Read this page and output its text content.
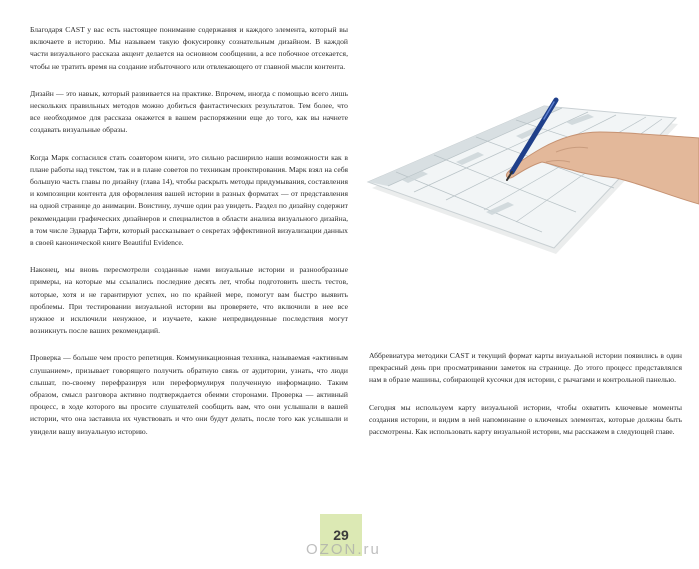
Благодаря CAST у вас есть настоящее понимание содержания и каждого элемента, который вы включаете в историю. Мы называем такую фокусировку сознательным дизайном. В каждой части визуального рассказа акцент делается на основном сообщении, а все побочное отсекается, чтобы не тратить время на создание избыточного или отвлекающего от главной мысли контента.

Дизайн — это навык, который развивается на практике. Впрочем, иногда с помощью всего лишь нескольких правильных методов можно добиться фантастических результатов. Тем более, что все необходимое для рассказа окажется в вашем распоряжении еще до того, как вы начнете создавать визуальные образы.

Когда Марк согласился стать соавтором книги, это сильно расширило наши возможности как в плане работы над текстом, так и в плане советов по техникам проектирования. Марк взял на себя большую часть главы по дизайну (глава 14), чтобы раскрыть методы придумывания, составления и композиции контента для оформления вашей истории в разных форматах — от представления на одной странице до анимации. Воистину, лучше один раз увидеть. Раздел по дизайну содержит рекомендации графических дизайнеров и специалистов в области анализа визуального дизайна, в том числе Эдварда Тафти, который рассказывает о секретах эффективной визуализации данных в своей канонической книге Beautiful Evidence.

Наконец, мы вновь пересмотрели созданные нами визуальные истории и разнообразные примеры, на которые мы ссылались последние десять лет, чтобы подготовить шесть тестов, которые, хотя и не гарантируют успех, но по крайней мере, помогут вам быстро выявить проблемы. При тестировании визуальной истории вы проверяете, что включили в нее все нужное и исключили ненужное, и изучаете, какие непредвиденные последствия могут возникнуть после ваших рекомендаций.

Проверка — больше чем просто репетиция. Коммуникационная техника, называемая «активным слушанием», призывает говорящего получить обратную связь от аудитории, узнать, что люди слышат, по-своему перефразируя или переформулируя полученную информацию. Таким образом, смысл разговора активно подтверждается обеими сторонами. Проверка — активный процесс, в ходе которого вы просите слушателей сообщить вам, что они услышали в вашей истории, что она заставила их чувствовать и что они будут делать, после того как услышали и увидели вашу визуальную историю.

Аббревиатура методики CAST и текущий формат карты визуальной истории появились в один прекрасный день при просматривании заметок на странице. До этого процесс представлялся нам в образе машины, собирающей кусочки для истории, с рычагами и контрольной панелью.

Сегодня мы используем карту визуальной истории, чтобы охватить ключевые моменты создания истории, и видим в ней напоминание о ключевых элементах, которые должны быть рассмотрены. Как использовать карту визуальной истории, мы расскажем в следующей главе.

29
OZON.ru
